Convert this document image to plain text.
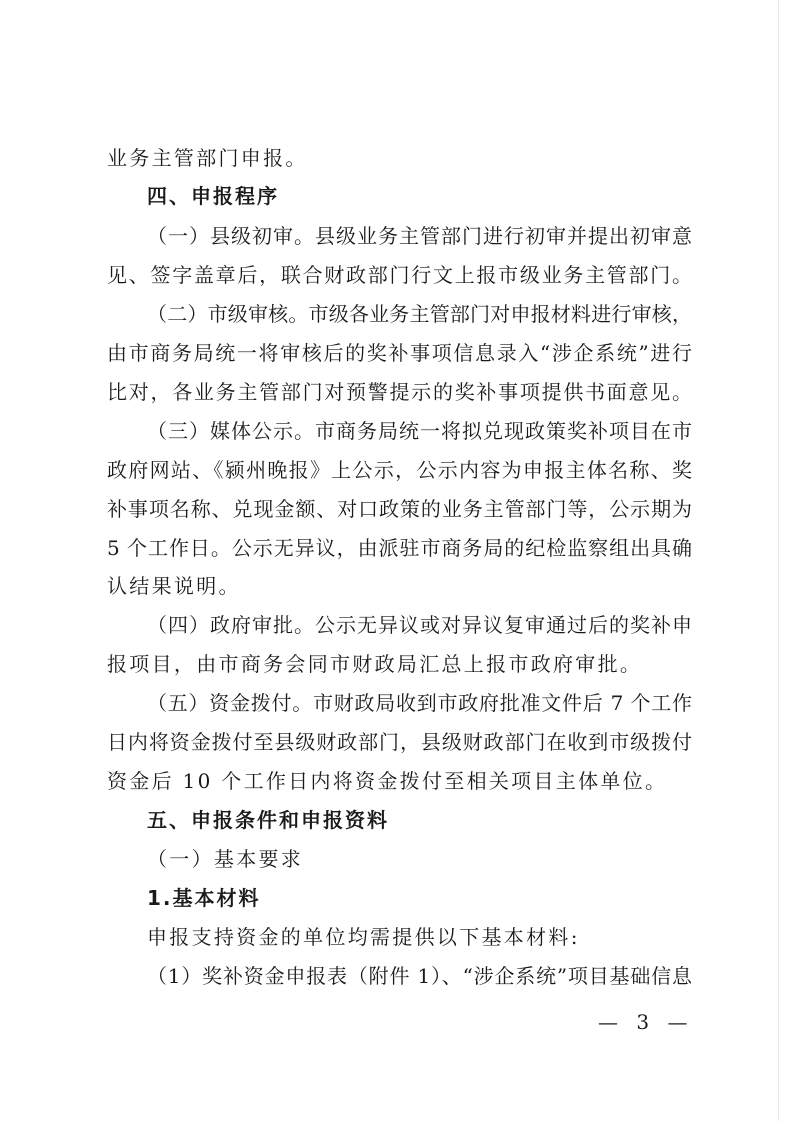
业务主管部门申报。
四、申报程序
（一）县级初审。县级业务主管部门进行初审并提出初审意
见、签字盖章后，联合财政部门行文上报市级业务主管部门。
（二）市级审核。市级各业务主管部门对申报材料进行审核，
由市商务局统一将审核后的奖补事项信息录入“涉企系统”进行
比对，各业务主管部门对预警提示的奖补事项提供书面意见。
（三）媒体公示。市商务局统一将拟兑现政策奖补项目在市
政府网站、《颍州晚报》上公示，公示内容为申报主体名称、奖
补事项名称、兑现金额、对口政策的业务主管部门等，公示期为
5 个工作日。公示无异议，由派驻市商务局的纪检监察组出具确
认结果说明。
（四）政府审批。公示无异议或对异议复审通过后的奖补申
报项目，由市商务会同市财政局汇总上报市政府审批。
（五）资金拨付。市财政局收到市政府批准文件后 7 个工作
日内将资金拨付至县级财政部门，县级财政部门在收到市级拨付
资金后 10 个工作日内将资金拨付至相关项目主体单位。
五、申报条件和申报资料
（一）基本要求
1.基本材料
申报支持资金的单位均需提供以下基本材料:
（1）奖补资金申报表（附件 1）、“涉企系统”项目基础信息
— 3 —
